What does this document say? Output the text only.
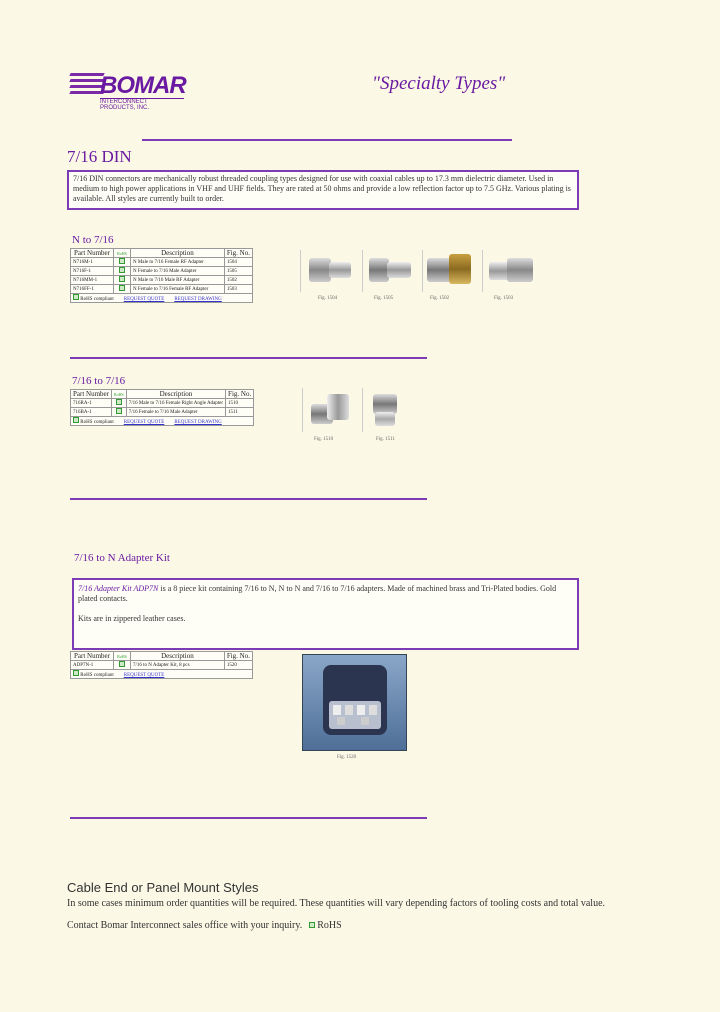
BOMAR
INTERCONNECT PRODUCTS, INC.
"Specialty Types"
7/16 DIN
7/16 DIN connectors are mechanically robust threaded coupling types designed for use with coaxial cables up to 17.3 mm dielectric diameter. Used in medium to high power applications in VHF and UHF fields. They are rated at 50 ohms and provide a low reflection factor up to 7.5 GHz. Various plating is available. All styles are currently built to order.
N to 7/16
Part Number	RoHS	Description	Fig. No.
N716M-1		N Male to 7/16 Female RF Adapter	1504
N716F-1		N Female to 7/16 Male Adapter	1505
N716MM-1		N Male to 7/16 Male RF Adapter	1502
N716FF-1		N Female to 7/16 Female RF Adapter	1503
RoHS compliant REQUEST QUOTE REQUEST DRAWING				Fig. 1504	Fig. 1505	Fig. 1502	Fig. 1503
7/16 to 7/16
Part Number	RoHS	Description	Fig. No.
716RA-1		7/16 Male to 7/16 Female Right Angle Adapter	1510
716BA-1		7/16 Female to 7/16 Male Adapter	1511
RoHS compliant REQUEST QUOTE REQUEST DRAWING			
Fig. 1510	Fig. 1511
7/16 to N Adapter Kit
7/16 Adapter Kit ADP7N is a 8 piece kit containing 7/16 to N, N to N and 7/16 to 7/16 adapters. Made of machined brass and Tri-Plated bodies. Gold plated contacts.

Kits are in zippered leather cases.
Part Number	RoHS	Description	Fig. No.
ADP7N-1		7/16 to N Adapter Kit, 8 pcs	1520
RoHS compliant REQUEST QUOTE			
Fig. 1520
Cable End or Panel Mount Styles
In some cases minimum order quantities will be required. These quantities will vary depending factors of tooling costs and total value.
Contact Bomar Interconnect sales office with your inquiry. RoHS
